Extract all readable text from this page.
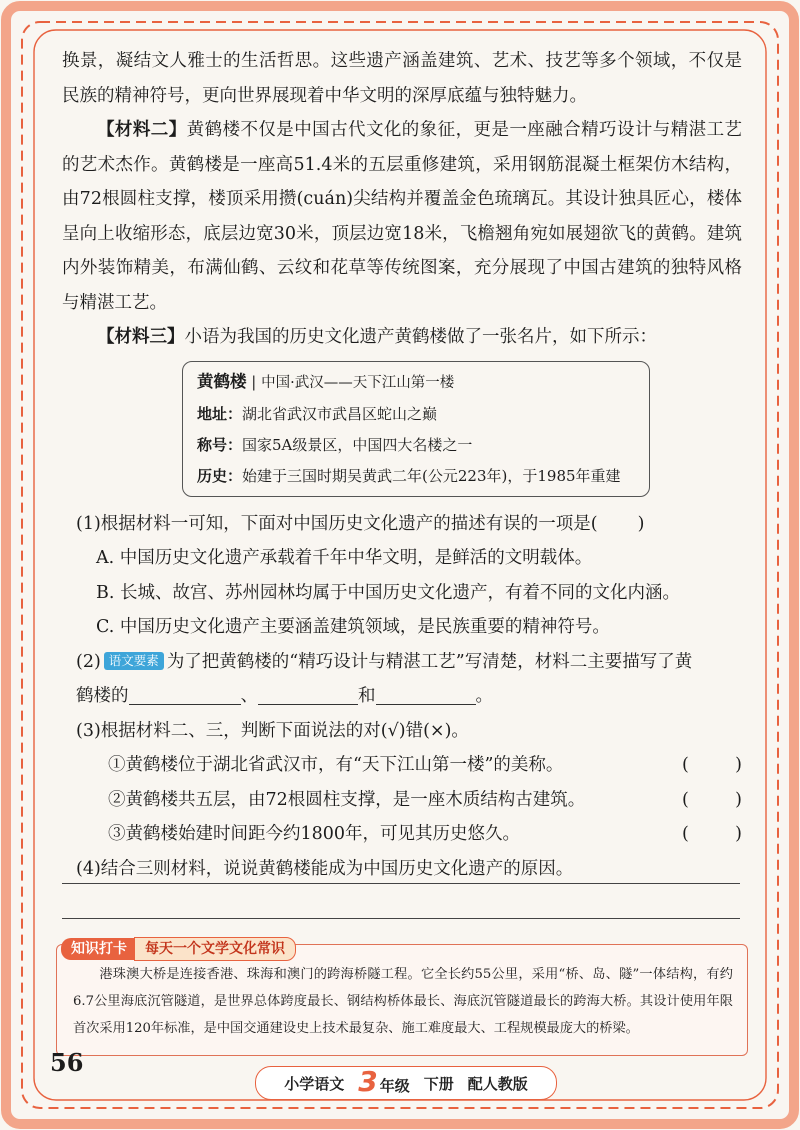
换景，凝结文人雅士的生活哲思。这些遗产涵盖建筑、艺术、技艺等多个领域，不仅是民族的精神符号，更向世界展现着中华文明的深厚底蕴与独特魅力。

【材料二】黄鹤楼不仅是中国古代文化的象征，更是一座融合精巧设计与精湛工艺的艺术杰作。黄鹤楼是一座高51.4米的五层重修建筑，采用钢筋混凝土框架仿木结构，由72根圆柱支撑，楼顶采用攒(cuán)尖结构并覆盖金色琉璃瓦。其设计独具匠心，楼体呈向上收缩形态，底层边宽30米，顶层边宽18米，飞檐翘角宛如展翅欲飞的黄鹤。建筑内外装饰精美，布满仙鹤、云纹和花草等传统图案，充分展现了中国古建筑的独特风格与精湛工艺。

【材料三】小语为我国的历史文化遗产黄鹤楼做了一张名片，如下所示：

黄鹤楼 | 中国·武汉——天下江山第一楼
地址：湖北省武汉市武昌区蛇山之巅
称号：国家5A级景区，中国四大名楼之一
历史：始建于三国时期吴黄武二年(公元223年)，于1985年重建

(1)根据材料一可知，下面对中国历史文化遗产的描述有误的一项是( )

A. 中国历史文化遗产承载着千年中华文明，是鲜活的文明载体。

B. 长城、故宫、苏州园林均属于中国历史文化遗产，有着不同的文化内涵。

C. 中国历史文化遗产主要涵盖建筑领域，是民族重要的精神符号。

(2) 语文要素 为了把黄鹤楼的“精巧设计与精湛工艺”写清楚，材料二主要描写了黄

鹤楼的	、	和	。

(3)根据材料二、三，判断下面说法的对(√)错(×)。

①黄鹤楼位于湖北省武汉市，有“天下江山第一楼”的美称。	(	)
②黄鹤楼共五层，由72根圆柱支撑，是一座木质结构古建筑。	(	)
③黄鹤楼始建时间距今约1800年，可见其历史悠久。	(	)

(4)结合三则材料，说说黄鹤楼能成为中国历史文化遗产的原因。

知识打卡	每天一个文学文化常识
港珠澳大桥是连接香港、珠海和澳门的跨海桥隧工程。它全长约55公里，采用“桥、岛、隧”一体结构，有约6.7公里海底沉管隧道，是世界总体跨度最长、钢结构桥体最长、海底沉管隧道最长的跨海大桥。其设计使用年限首次采用120年标准，是中国交通建设史上技术最复杂、施工难度最大、工程规模最庞大的桥梁。
56
小学语文 3 年级 下册 配人教版
